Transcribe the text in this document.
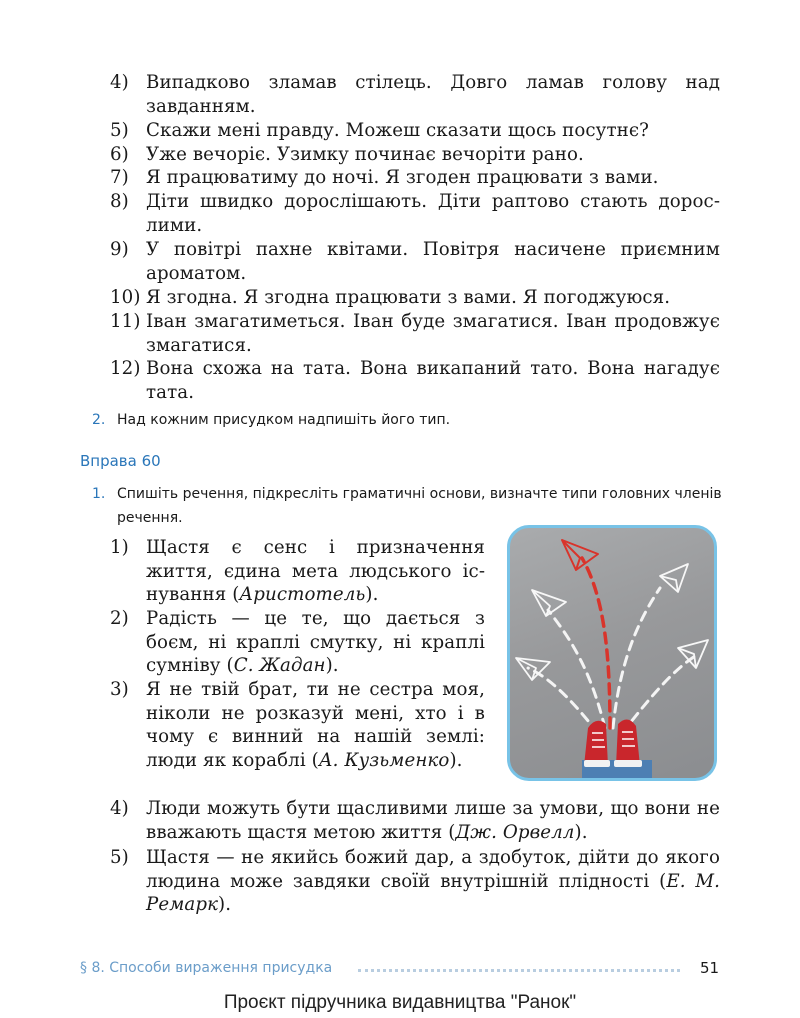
4) Випадково зламав стілець. Довго ламав голову над завданням.
5) Скажи мені правду. Можеш сказати щось посутнє?
6) Уже вечоріє. Узимку починає вечоріти рано.
7) Я працюватиму до ночі. Я згоден працювати з вами.
8) Діти швидко дорослішають. Діти раптово стають дорослими.
9) У повітрі пахне квітами. Повітря насичене приємним ароматом.
10) Я згодна. Я згодна працювати з вами. Я погоджуюся.
11) Іван змагатиметься. Іван буде змагатися. Іван продовжує змагатися.
12) Вона схожа на тата. Вона викапаний тато. Вона нагадує тата.
2. Над кожним присудком надпишіть його тип.
Вправа 60
1. Спишіть речення, підкресліть граматичні основи, визначте типи головних членів речення.
1) Щастя є сенс і призначення життя, єдина мета людського існування (Аристотель).
2) Радість — це те, що дається з боєм, ні краплі смутку, ні краплі сумніву (С. Жадан).
3) Я не твій брат, ти не сестра моя, ніколи не розказуй мені, хто і в чому є винний на нашій землі: люди як кораблі (А. Кузьменко).
4) Люди можуть бути щасливими лише за умови, що вони не вважають щастя метою життя (Дж. Орвелл).
5) Щастя — не якийсь божий дар, а здобуток, дійти до якого людина може завдяки своїй внутрішній плідності (Е. М. Ремарк).
§ 8. Способи вираження присудка	51
Проєкт підручника видавництва "Ранок"
